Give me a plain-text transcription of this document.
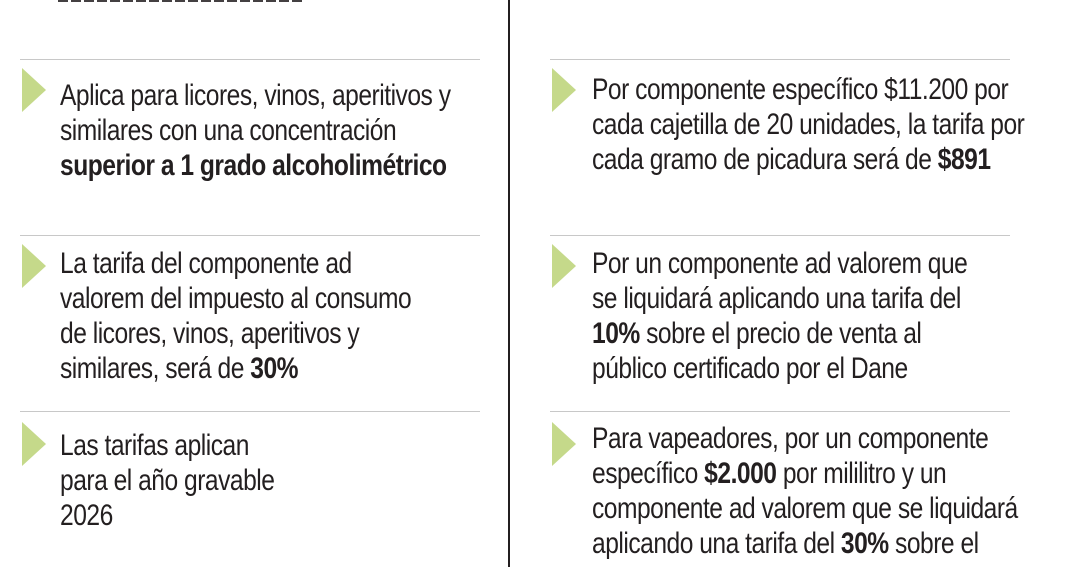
Aplica para licores, vinos, aperitivos y
similares con una concentración
superior a 1 grado alcoholimétrico
La tarifa del componente ad
valorem del impuesto al consumo
de licores, vinos, aperitivos y
similares, será de 30%
Las tarifas aplican
para el año gravable
2026
Por componente específico $11.200 por
cada cajetilla de 20 unidades, la tarifa por
cada gramo de picadura será de $891
Por un componente ad valorem que
se liquidará aplicando una tarifa del
10% sobre el precio de venta al
público certificado por el Dane
Para vapeadores, por un componente
específico $2.000 por mililitro y un
componente ad valorem que se liquidará
aplicando una tarifa del 30% sobre el
